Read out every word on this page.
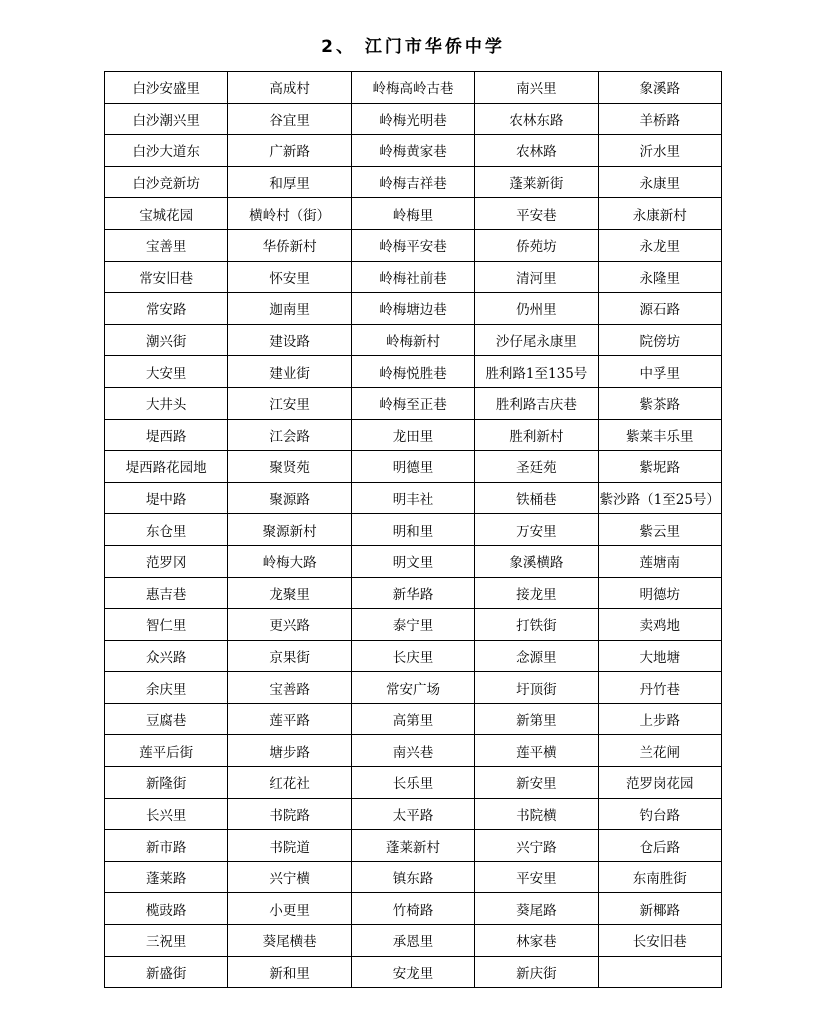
2、 江门市华侨中学
白沙安盛里	高成村	岭梅高岭古巷	南兴里	象溪路
白沙潮兴里	谷宜里	岭梅光明巷	农林东路	羊桥路
白沙大道东	广新路	岭梅黄家巷	农林路	沂水里
白沙竞新坊	和厚里	岭梅吉祥巷	蓬莱新街	永康里
宝城花园	横岭村（街）	岭梅里	平安巷	永康新村
宝善里	华侨新村	岭梅平安巷	侨苑坊	永龙里
常安旧巷	怀安里	岭梅社前巷	清河里	永隆里
常安路	迦南里	岭梅塘边巷	仍州里	源石路
潮兴街	建设路	岭梅新村	沙仔尾永康里	院傍坊
大安里	建业街	岭梅悦胜巷	胜利路1至135号	中孚里
大井头	江安里	岭梅至正巷	胜利路吉庆巷	紫茶路
堤西路	江会路	龙田里	胜利新村	紫莱丰乐里
堤西路花园地	聚贤苑	明德里	圣廷苑	紫坭路
堤中路	聚源路	明丰社	铁桶巷	紫沙路（1至25号）
东仓里	聚源新村	明和里	万安里	紫云里
范罗冈	岭梅大路	明文里	象溪横路	莲塘南
惠吉巷	龙聚里	新华路	接龙里	明德坊
智仁里	更兴路	泰宁里	打铁街	卖鸡地
众兴路	京果街	长庆里	念源里	大地塘
余庆里	宝善路	常安广场	圩顶街	丹竹巷
豆腐巷	莲平路	高第里	新第里	上步路
莲平后街	塘步路	南兴巷	莲平横	兰花闸
新隆街	红花社	长乐里	新安里	范罗岗花园
长兴里	书院路	太平路	书院横	钓台路
新市路	书院道	蓬莱新村	兴宁路	仓后路
蓬莱路	兴宁横	镇东路	平安里	东南胜街
榄豉路	小更里	竹椅路	葵尾路	新椰路
三祝里	葵尾横巷	承恩里	林家巷	长安旧巷
新盛街	新和里	安龙里	新庆街	
